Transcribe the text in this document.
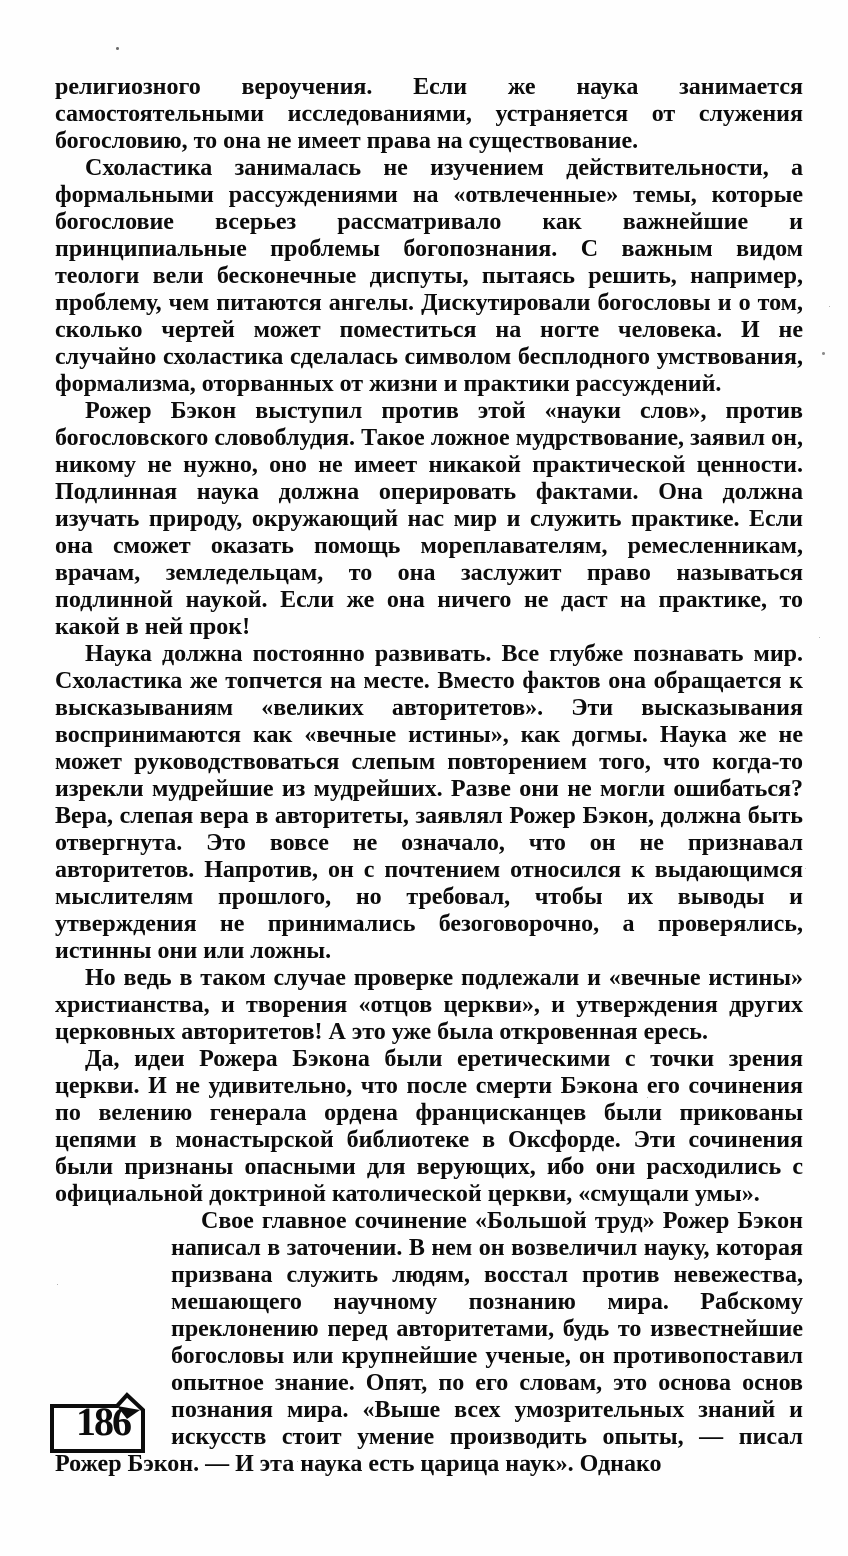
религиозного вероучения. Если же наука занимается самостоятельными исследованиями, устраняется от служения богословию, то она не имеет права на существование.

Схоластика занималась не изучением действительности, а формальными рассуждениями на «отвлеченные» темы, которые богословие всерьез рассматривало как важнейшие и принципиальные проблемы богопознания. С важным видом теологи вели бесконечные диспуты, пытаясь решить, например, проблему, чем питаются ангелы. Дискутировали богословы и о том, сколько чертей может поместиться на ногте человека. И не случайно схоластика сделалась символом бесплодного умствования, формализма, оторванных от жизни и практики рассуждений.

Рожер Бэкон выступил против этой «науки слов», против богословского словоблудия. Такое ложное мудрствование, заявил он, никому не нужно, оно не имеет никакой практической ценности. Подлинная наука должна оперировать фактами. Она должна изучать природу, окружающий нас мир и служить практике. Если она сможет оказать помощь мореплавателям, ремесленникам, врачам, земледельцам, то она заслужит право называться подлинной наукой. Если же она ничего не даст на практике, то какой в ней прок!

Наука должна постоянно развивать. Все глубже познавать мир. Схоластика же топчется на месте. Вместо фактов она обращается к высказываниям «великих авторитетов». Эти высказывания воспринимаются как «вечные истины», как догмы. Наука же не может руководствоваться слепым повторением того, что когда-то изрекли мудрейшие из мудрейших. Разве они не могли ошибаться? Вера, слепая вера в авторитеты, заявлял Рожер Бэкон, должна быть отвергнута. Это вовсе не означало, что он не признавал авторитетов. Напротив, он с почтением относился к выдающимся мыслителям прошлого, но требовал, чтобы их выводы и утверждения не принимались безоговорочно, а проверялись, истинны они или ложны.

Но ведь в таком случае проверке подлежали и «вечные истины» христианства, и творения «отцов церкви», и утверждения других церковных авторитетов! А это уже была откровенная ересь.

Да, идеи Рожера Бэкона были еретическими с точки зрения церкви. И не удивительно, что после смерти Бэкона его сочинения по велению генерала ордена францисканцев были прикованы цепями в монастырской библиотеке в Оксфорде. Эти сочинения были признаны опасными для верующих, ибо они расходились с официальной доктриной католической церкви, «смущали умы».

186
Свое главное сочинение «Большой труд» Рожер Бэкон написал в заточении. В нем он возвеличил науку, которая призвана служить людям, восстал против невежества, мешающего научному познанию мира. Рабскому преклонению перед авторитетами, будь то известнейшие богословы или крупнейшие ученые, он противопоставил опытное знание. Опят, по его словам, это основа основ познания мира. «Выше всех умозрительных знаний и искусств стоит умение производить опыты, — писал Рожер Бэкон. — И эта наука есть царица наук». Однако
